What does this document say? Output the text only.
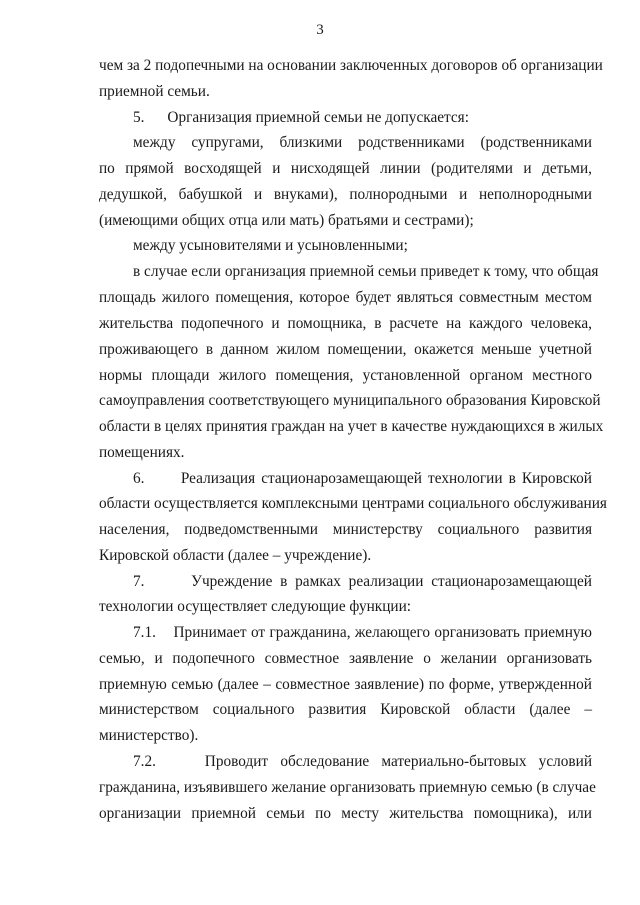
3
чем за 2 подопечными на основании заключенных договоров об организации
приемной семьи.
5.      Организация приемной семьи не допускается:
между супругами, близкими родственниками (родственниками
по прямой восходящей и нисходящей линии (родителями и детьми,
дедушкой, бабушкой и внуками), полнородными и неполнородными
(имеющими общих отца или мать) братьями и сестрами);
между усыновителями и усыновленными;
в случае если организация приемной семьи приведет к тому, что общая
площадь жилого помещения, которое будет являться совместным местом
жительства подопечного и помощника, в расчете на каждого человека,
проживающего в данном жилом помещении, окажется меньше учетной
нормы площади жилого помещения, установленной органом местного
самоуправления соответствующего муниципального образования Кировской
области в целях принятия граждан на учет в качестве нуждающихся в жилых
помещениях.
6.      Реализация стационарозамещающей технологии в Кировской
области осуществляется комплексными центрами социального обслуживания
населения, подведомственными министерству социального развития
Кировской области (далее – учреждение).
7.      Учреждение в рамках реализации стационарозамещающей
технологии осуществляет следующие функции:
7.1.    Принимает от гражданина, желающего организовать приемную
семью, и подопечного совместное заявление о желании организовать
приемную семью (далее – совместное заявление) по форме, утвержденной
министерством социального развития Кировской области (далее –
министерство).
7.2.    Проводит обследование материально-бытовых условий
гражданина, изъявившего желание организовать приемную семью (в случае
организации приемной семьи по месту жительства помощника), или
